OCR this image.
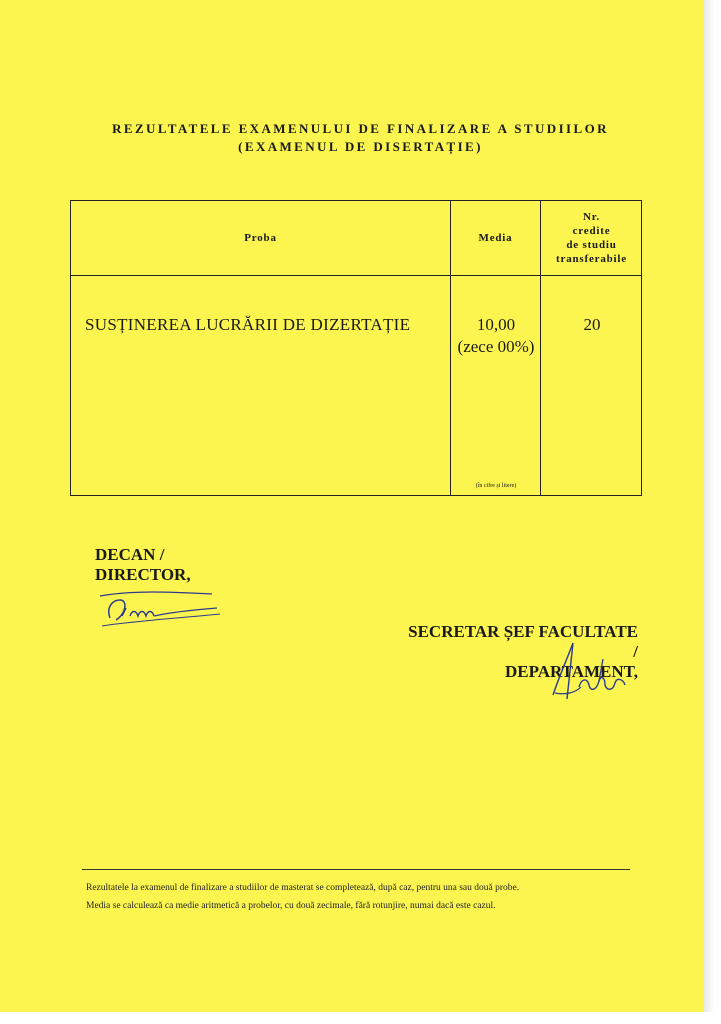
REZULTATELE EXAMENULUI DE FINALIZARE A STUDIILOR
(EXAMENUL DE DISERTAȚIE)
Proba	Media
Nr.
credite
de studiu
transferabile
SUSȚINEREA LUCRĂRII DE DIZERTAȚIE	10,00
(zece 00%)
20
(în cifre și litere)
DECAN /
DIRECTOR,
SECRETAR ȘEF FACULTATE /
DEPARTAMENT,
Rezultatele la examenul de finalizare a studiilor de masterat se completează, după caz, pentru una sau două probe.
Media se calculează ca medie aritmetică a probelor, cu două zecimale, fără rotunjire, numai dacă este cazul.
